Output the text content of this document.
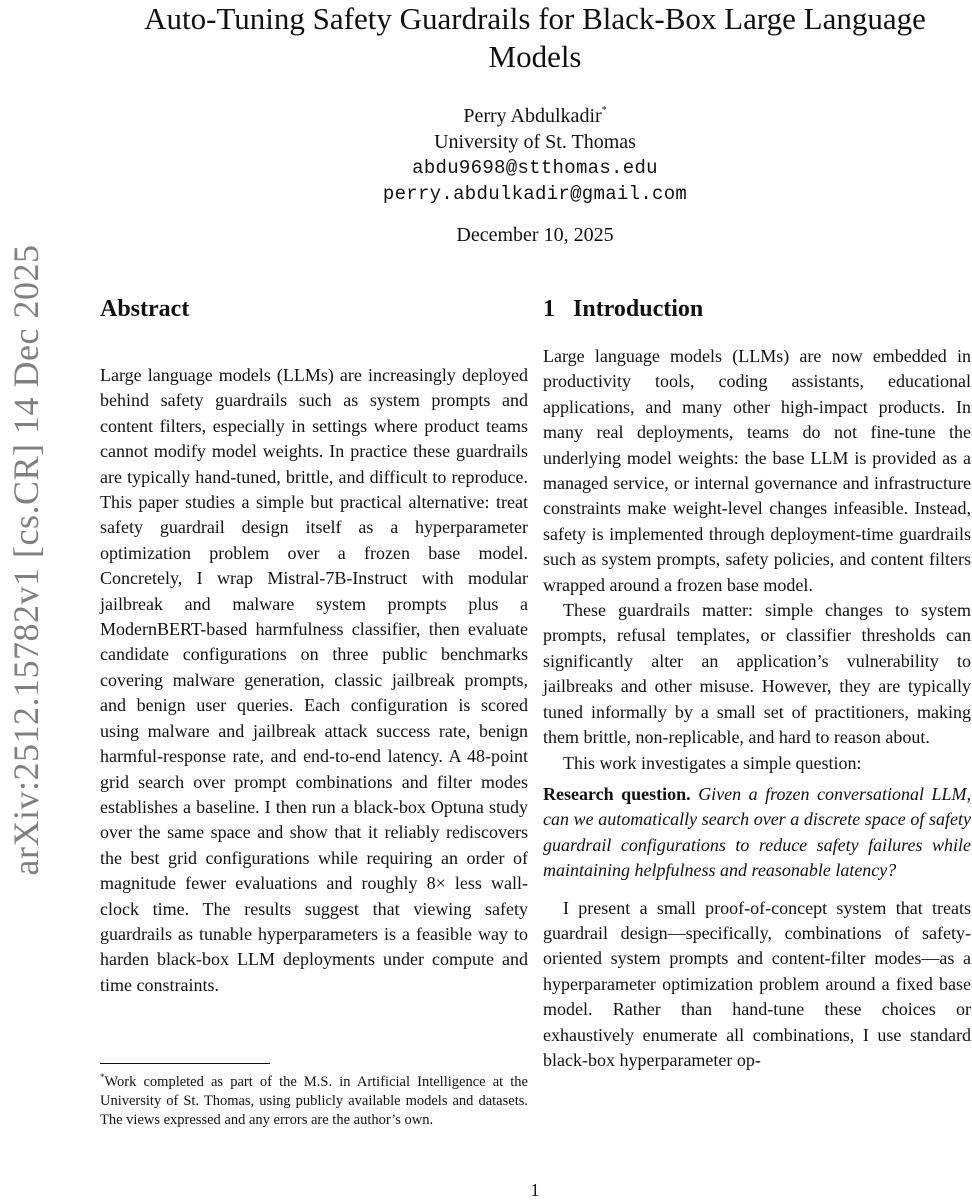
arXiv:2512.15782v1 [cs.CR] 14 Dec 2025
Auto-Tuning Safety Guardrails for Black-Box Large Language Models
Perry Abdulkadir*
University of St. Thomas
abdu9698@stthomas.edu
perry.abdulkadir@gmail.com
December 10, 2025
Abstract

Large language models (LLMs) are increasingly deployed behind safety guardrails such as system prompts and content filters, especially in settings where product teams cannot modify model weights. In practice these guardrails are typically hand-tuned, brittle, and difficult to reproduce. This paper studies a simple but practical alternative: treat safety guardrail design itself as a hyperparameter optimization problem over a frozen base model. Concretely, I wrap Mistral-7B-Instruct with modular jailbreak and malware system prompts plus a ModernBERT-based harmfulness classifier, then evaluate candidate configurations on three public benchmarks covering malware generation, classic jailbreak prompts, and benign user queries. Each configuration is scored using malware and jailbreak attack success rate, benign harmful-response rate, and end-to-end latency. A 48-point grid search over prompt combinations and filter modes establishes a baseline. I then run a black-box Optuna study over the same space and show that it reliably rediscovers the best grid configurations while requiring an order of magnitude fewer evaluations and roughly 8× less wall-clock time. The results suggest that viewing safety guardrails as tunable hyperparameters is a feasible way to harden black-box LLM deployments under compute and time constraints.

1 Introduction

Large language models (LLMs) are now embedded in productivity tools, coding assistants, educational applications, and many other high-impact products. In many real deployments, teams do not fine-tune the underlying model weights: the base LLM is provided as a managed service, or internal governance and infrastructure constraints make weight-level changes infeasible. Instead, safety is implemented through deployment-time guardrails such as system prompts, safety policies, and content filters wrapped around a frozen base model.

These guardrails matter: simple changes to system prompts, refusal templates, or classifier thresholds can significantly alter an application’s vulnerability to jailbreaks and other misuse. However, they are typically tuned informally by a small set of practitioners, making them brittle, non-replicable, and hard to reason about.

This work investigates a simple question:

Research question. Given a frozen conversational LLM, can we automatically search over a discrete space of safety guardrail configurations to reduce safety failures while maintaining helpfulness and reasonable latency?

I present a small proof-of-concept system that treats guardrail design—specifically, combinations of safety-oriented system prompts and content-filter modes—as a hyperparameter optimization problem around a fixed base model. Rather than hand-tune these choices or exhaustively enumerate all combinations, I use standard black-box hyperparameter op-

*Work completed as part of the M.S. in Artificial Intelligence at the University of St. Thomas, using publicly available models and datasets. The views expressed and any errors are the author’s own.
1
